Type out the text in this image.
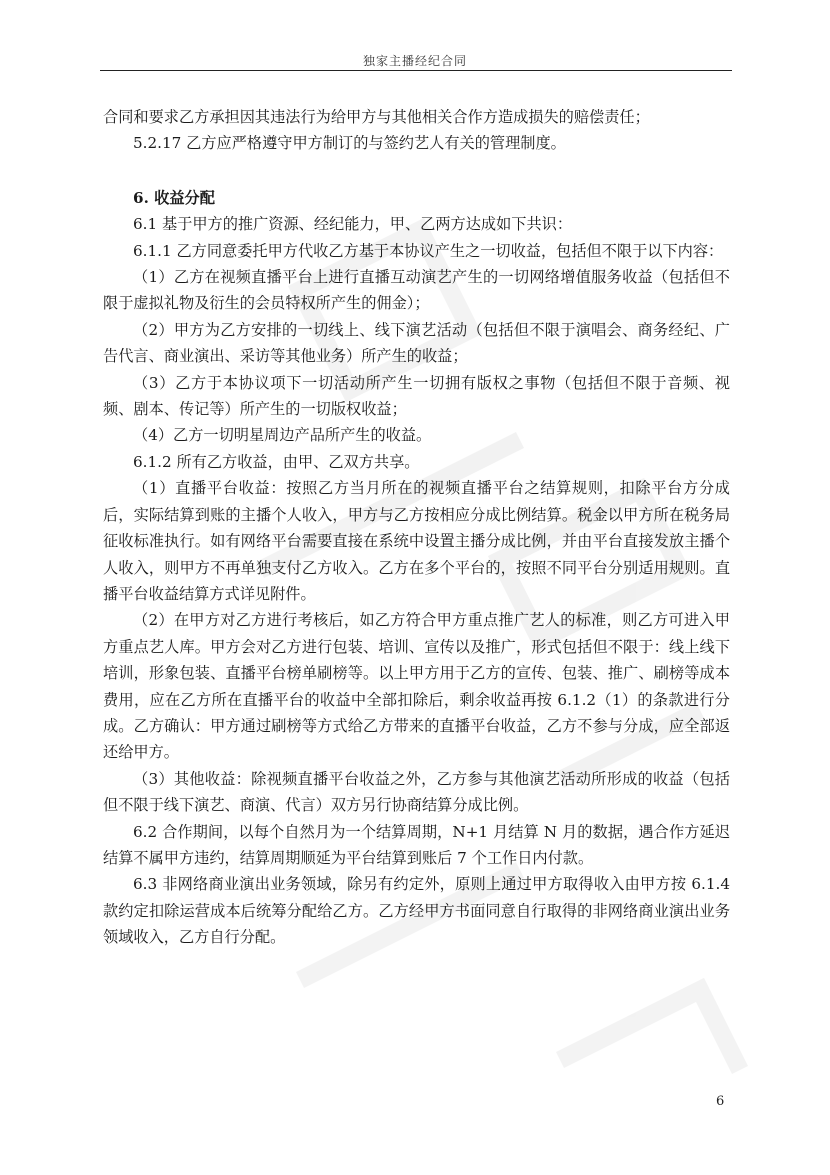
独家主播经纪合同

合同和要求乙方承担因其违法行为给甲方与其他相关合作方造成损失的赔偿责任；

5.2.17 乙方应严格遵守甲方制订的与签约艺人有关的管理制度。

6. 收益分配

6.1 基于甲方的推广资源、经纪能力，甲、乙两方达成如下共识：

6.1.1 乙方同意委托甲方代收乙方基于本协议产生之一切收益，包括但不限于以下内容：

（1）乙方在视频直播平台上进行直播互动演艺产生的一切网络增值服务收益（包括但不限于虚拟礼物及衍生的会员特权所产生的佣金）；

（2）甲方为乙方安排的一切线上、线下演艺活动（包括但不限于演唱会、商务经纪、广告代言、商业演出、采访等其他业务）所产生的收益；

（3）乙方于本协议项下一切活动所产生一切拥有版权之事物（包括但不限于音频、视频、剧本、传记等）所产生的一切版权收益；

（4）乙方一切明星周边产品所产生的收益。

6.1.2 所有乙方收益，由甲、乙双方共享。

（1）直播平台收益：按照乙方当月所在的视频直播平台之结算规则，扣除平台方分成后，实际结算到账的主播个人收入，甲方与乙方按相应分成比例结算。税金以甲方所在税务局征收标准执行。如有网络平台需要直接在系统中设置主播分成比例，并由平台直接发放主播个人收入，则甲方不再单独支付乙方收入。乙方在多个平台的，按照不同平台分别适用规则。直播平台收益结算方式详见附件。

（2）在甲方对乙方进行考核后，如乙方符合甲方重点推广艺人的标准，则乙方可进入甲方重点艺人库。甲方会对乙方进行包装、培训、宣传以及推广，形式包括但不限于：线上线下培训，形象包装、直播平台榜单刷榜等。以上甲方用于乙方的宣传、包装、推广、刷榜等成本费用，应在乙方所在直播平台的收益中全部扣除后，剩余收益再按 6.1.2（1）的条款进行分成。乙方确认：甲方通过刷榜等方式给乙方带来的直播平台收益，乙方不参与分成，应全部返还给甲方。

（3）其他收益：除视频直播平台收益之外，乙方参与其他演艺活动所形成的收益（包括但不限于线下演艺、商演、代言）双方另行协商结算分成比例。

6.2 合作期间，以每个自然月为一个结算周期，N+1 月结算 N 月的数据，遇合作方延迟结算不属甲方违约，结算周期顺延为平台结算到账后 7 个工作日内付款。

6.3 非网络商业演出业务领域，除另有约定外，原则上通过甲方取得收入由甲方按 6.1.4 款约定扣除运营成本后统筹分配给乙方。乙方经甲方书面同意自行取得的非网络商业演出业务领域收入，乙方自行分配。

6
